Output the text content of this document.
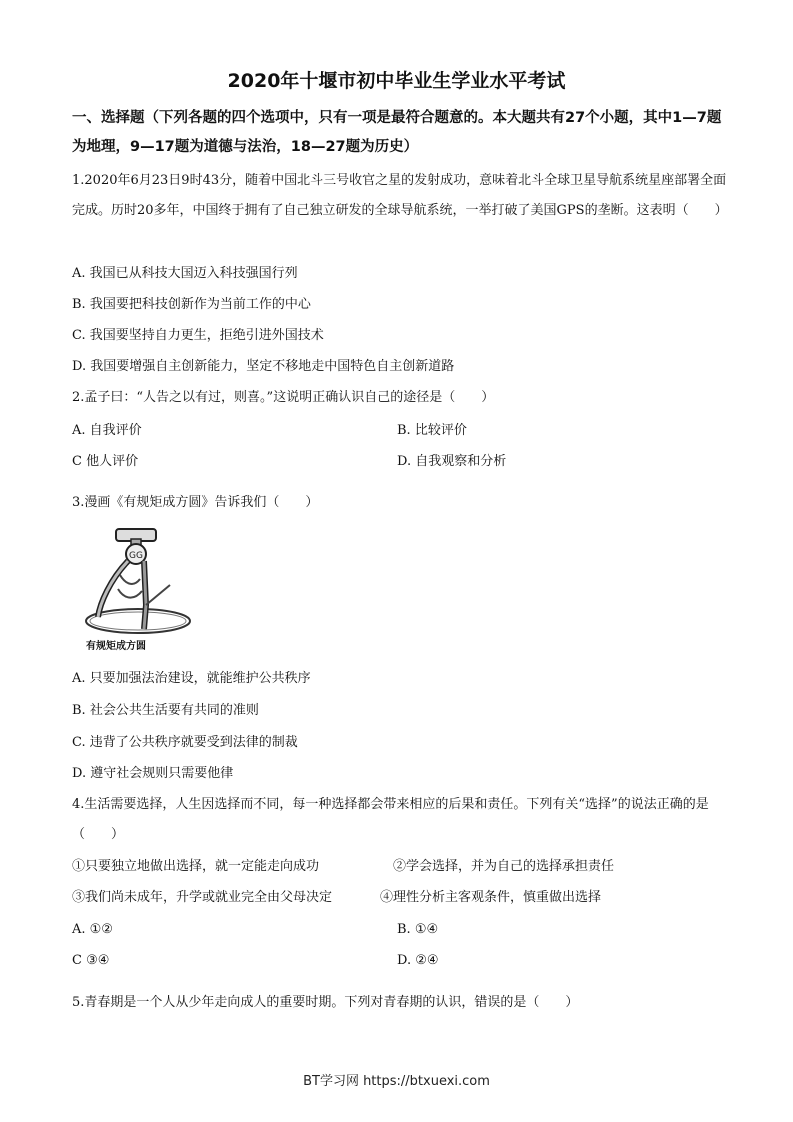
2020年十堰市初中毕业生学业水平考试
一、选择题（下列各题的四个选项中，只有一项是最符合题意的。本大题共有27个小题，其中1—7题为地理，9—17题为道德与法治，18—27题为历史）
1.2020年6月23日9时43分，随着中国北斗三号收官之星的发射成功，意味着北斗全球卫星导航系统星座部署全面完成。历时20多年，中国终于拥有了自己独立研发的全球导航系统，一举打破了美国GPS的垄断。这表明（　　）
A. 我国已从科技大国迈入科技强国行列
B. 我国要把科技创新作为当前工作的中心
C. 我国要坚持自力更生，拒绝引进外国技术
D. 我国要增强自主创新能力，坚定不移地走中国特色自主创新道路
2.孟子曰：“人告之以有过，则喜。”这说明正确认识自己的途径是（　　）
A. 自我评价	B. 比较评价
C 他人评价	D. 自我观察和分析
3.漫画《有规矩成方圆》告诉我们（　　）
GG
有规矩成方圆
A. 只要加强法治建设，就能维护公共秩序
B. 社会公共生活要有共同的准则
C. 违背了公共秩序就要受到法律的制裁
D. 遵守社会规则只需要他律
4.生活需要选择，人生因选择而不同，每一种选择都会带来相应的后果和责任。下列有关“选择”的说法正确的是（　　）
①只要独立地做出选择，就一定能走向成功	②学会选择，并为自己的选择承担责任
③我们尚未成年，升学或就业完全由父母决定	④理性分析主客观条件，慎重做出选择
A. ①②	B. ①④
C ③④	D. ②④
5.青春期是一个人从少年走向成人的重要时期。下列对青春期的认识，错误的是（　　）
BT学习网 https://btxuexi.com
